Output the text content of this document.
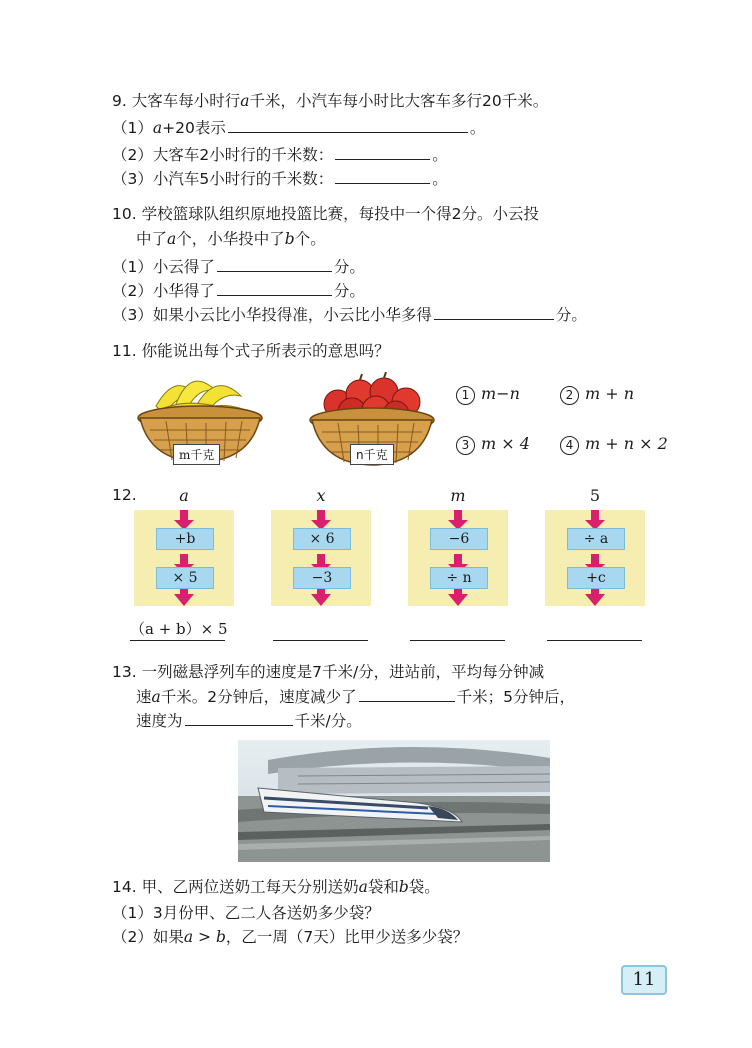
9. 大客车每小时行a千米，小汽车每小时比大客车多行20千米。
（1）a+20表示	。
（2）大客车2小时行的千米数：	。
（3）小汽车5小时行的千米数：	。
10. 学校篮球队组织原地投篮比赛，每投中一个得2分。小云投
中了a个，小华投中了b个。
（1）小云得了	分。
（2）小华得了	分。
（3）如果小云比小华投得准，小云比小华多得	分。
11. 你能说出每个式子所表示的意思吗？
m千克	n千克
1 m−n	2 m + n
3 m × 4	4 m + n × 2
12.	a
+b
× 5
x
× 6
−3
m
−6
÷ n
5
÷ a
+c
（a + b）× 5
13. 一列磁悬浮列车的速度是7千米/分，进站前，平均每分钟减
速a千米。2分钟后，速度减少了	千米；5分钟后，
速度为	千米/分。
14. 甲、乙两位送奶工每天分别送奶a袋和b袋。
（1）3月份甲、乙二人各送奶多少袋？
（2）如果a > b，乙一周（7天）比甲少送多少袋？
11
